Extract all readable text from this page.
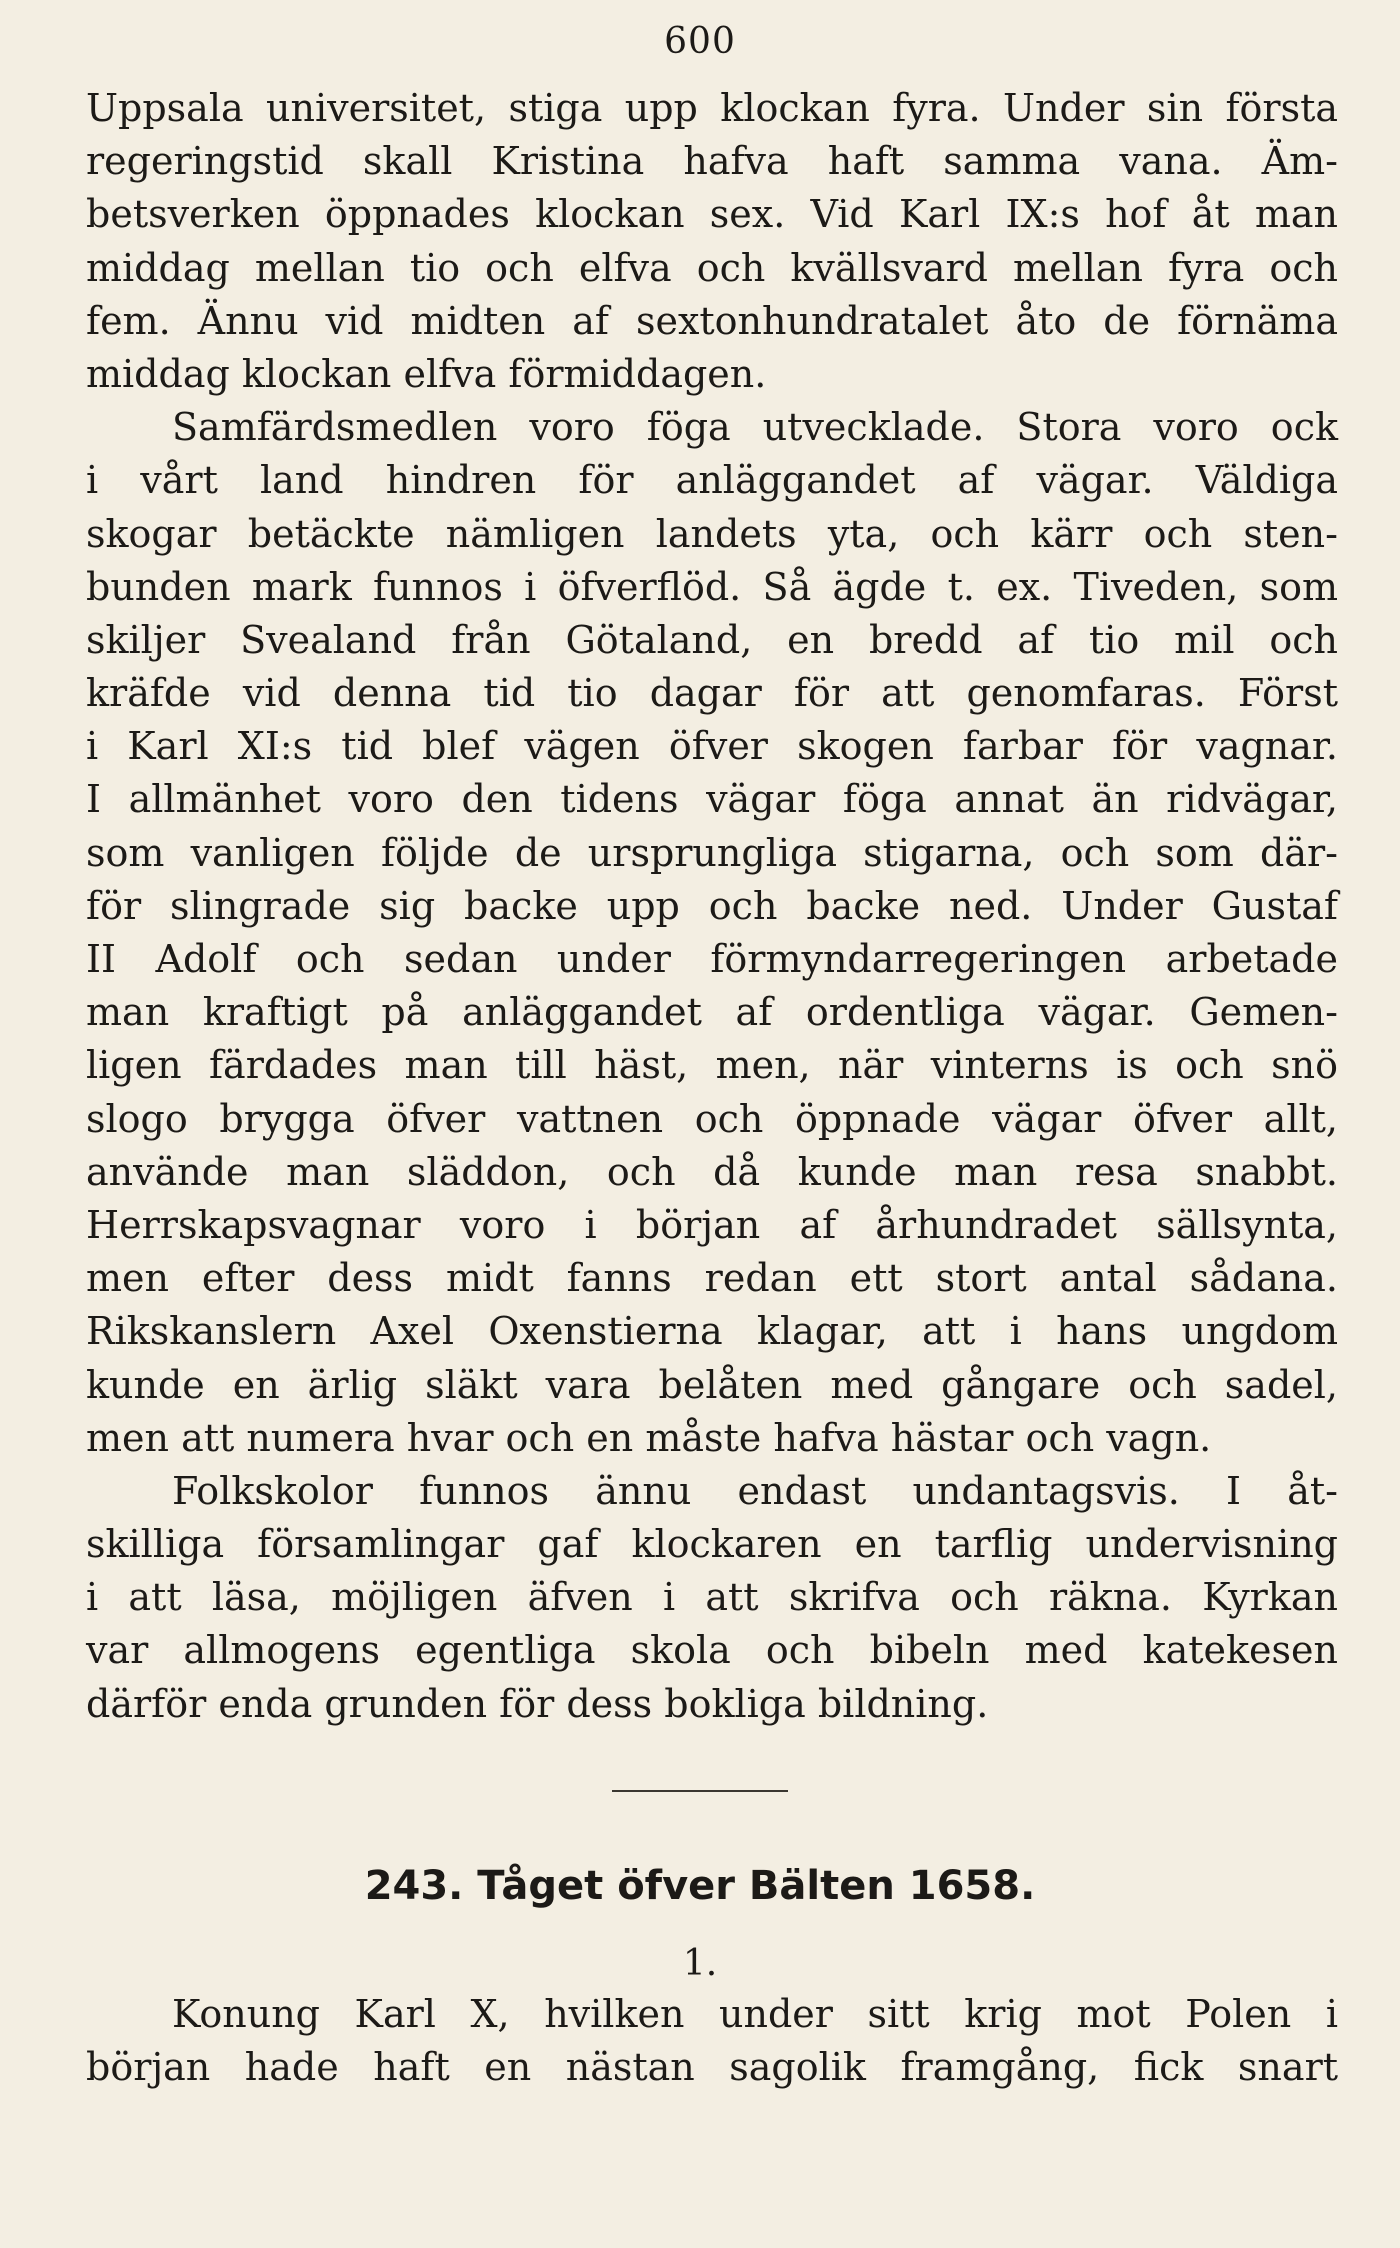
600
Uppsala universitet, stiga upp klockan fyra. Under sin första
regeringstid skall Kristina hafva haft samma vana. Äm-
betsverken öppnades klockan sex. Vid Karl IX:s hof åt man
middag mellan tio och elfva och kvällsvard mellan fyra och
fem. Ännu vid midten af sextonhundratalet åto de förnäma
middag klockan elfva förmiddagen.
Samfärdsmedlen voro föga utvecklade. Stora voro ock
i vårt land hindren för anläggandet af vägar. Väldiga
skogar betäckte nämligen landets yta, och kärr och sten-
bunden mark funnos i öfverflöd. Så ägde t. ex. Tiveden, som
skiljer Svealand från Götaland, en bredd af tio mil och
kräfde vid denna tid tio dagar för att genomfaras. Först
i Karl XI:s tid blef vägen öfver skogen farbar för vagnar.
I allmänhet voro den tidens vägar föga annat än ridvägar,
som vanligen följde de ursprungliga stigarna, och som där-
för slingrade sig backe upp och backe ned. Under Gustaf
II Adolf och sedan under förmyndarregeringen arbetade
man kraftigt på anläggandet af ordentliga vägar. Gemen-
ligen färdades man till häst, men, när vinterns is och snö
slogo brygga öfver vattnen och öppnade vägar öfver allt,
använde man släddon, och då kunde man resa snabbt.
Herrskapsvagnar voro i början af århundradet sällsynta,
men efter dess midt fanns redan ett stort antal sådana.
Rikskanslern Axel Oxenstierna klagar, att i hans ungdom
kunde en ärlig släkt vara belåten med gångare och sadel,
men att numera hvar och en måste hafva hästar och vagn.
Folkskolor funnos ännu endast undantagsvis. I åt-
skilliga församlingar gaf klockaren en tarflig undervisning
i att läsa, möjligen äfven i att skrifva och räkna. Kyrkan
var allmogens egentliga skola och bibeln med katekesen
därför enda grunden för dess bokliga bildning.
243. Tåget öfver Bälten 1658.
1.
Konung Karl X, hvilken under sitt krig mot Polen i
början hade haft en nästan sagolik framgång, fick snart
